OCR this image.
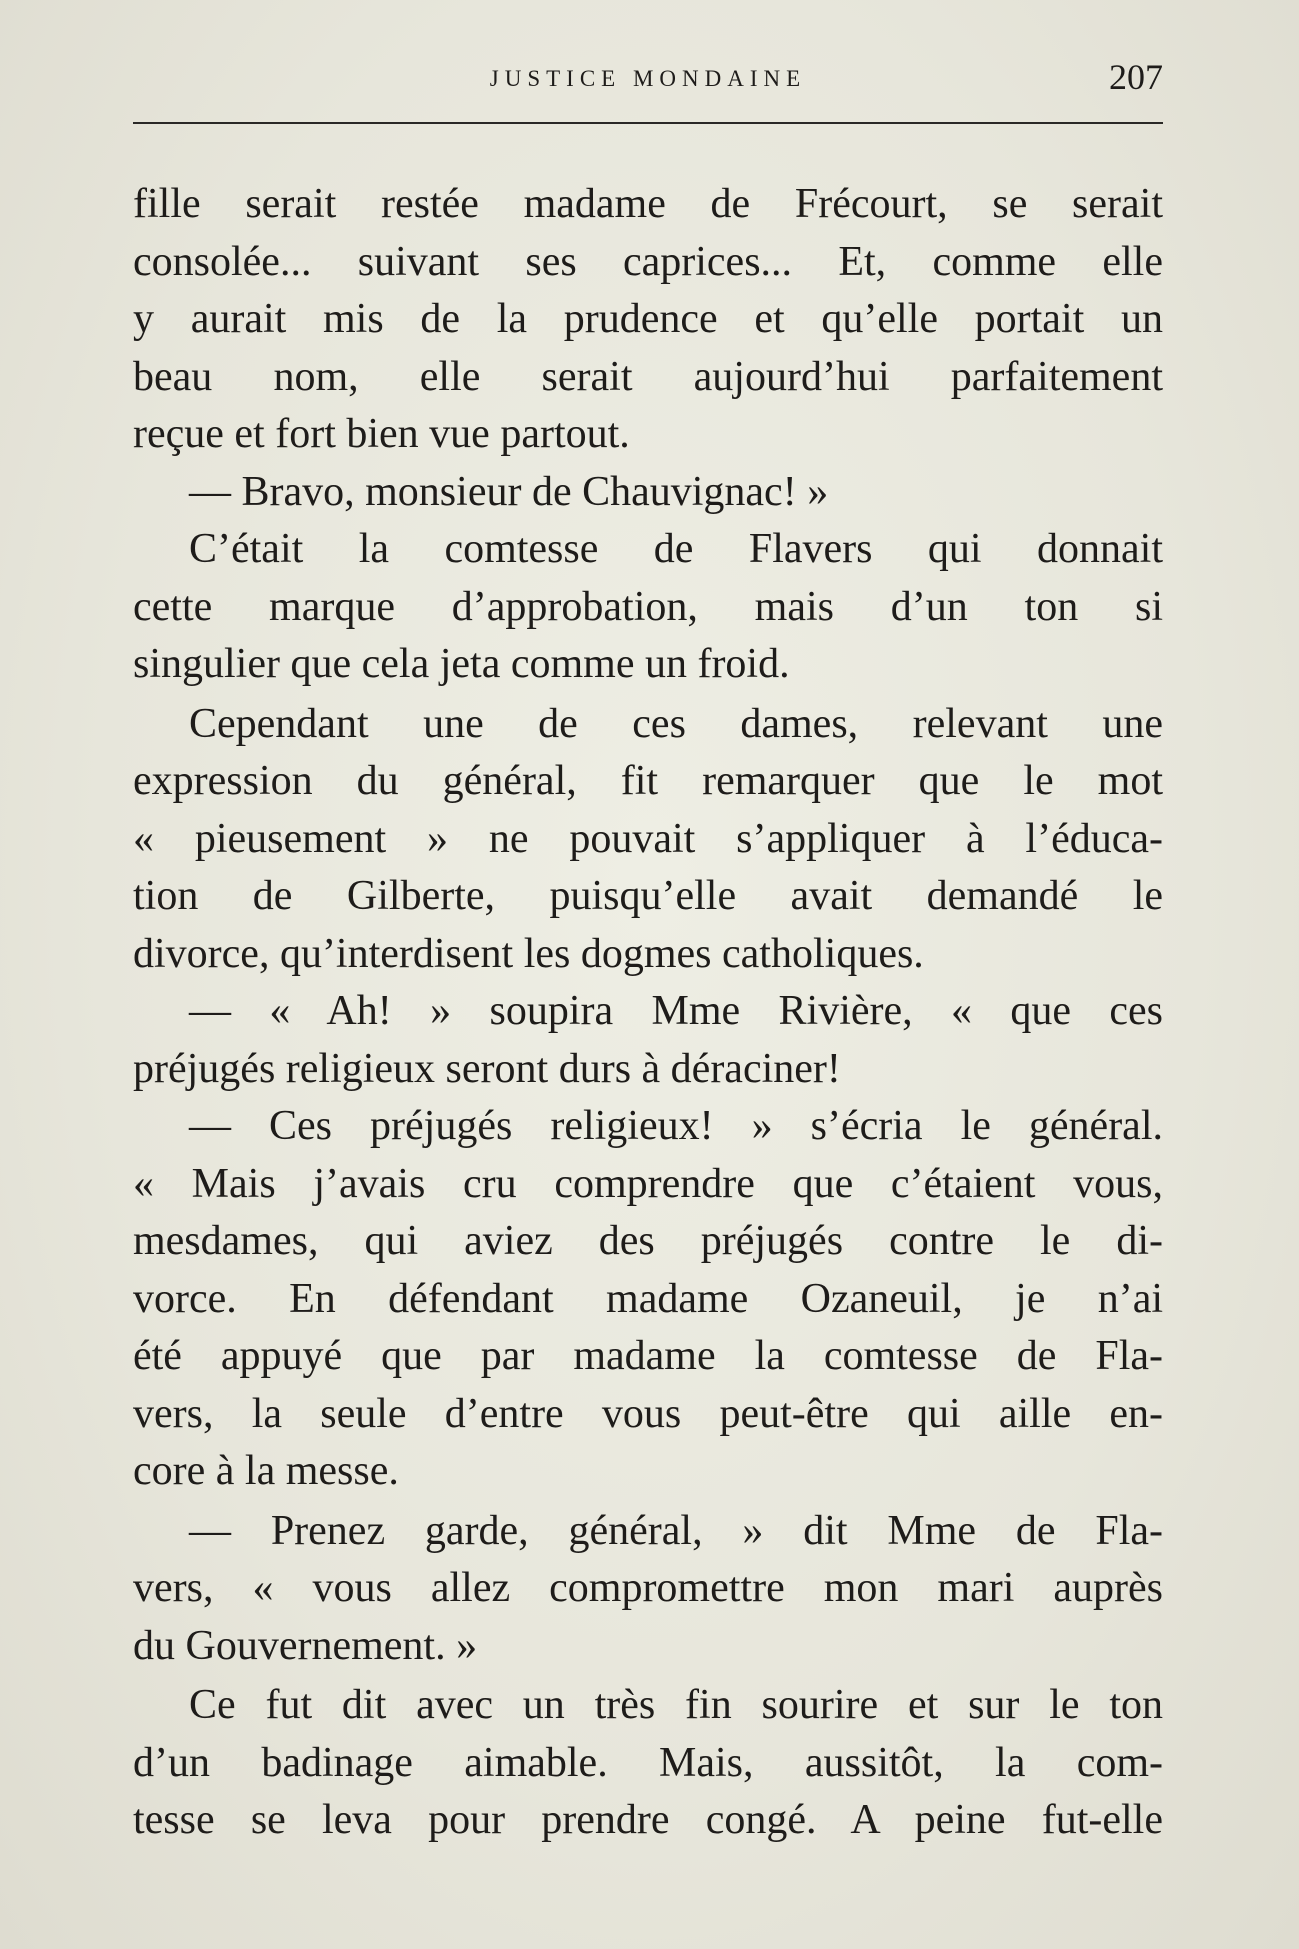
JUSTICE MONDAINE	207
fille serait restée madame de Frécourt, se serait
consolée... suivant ses caprices... Et, comme elle
y aurait mis de la prudence et qu’elle portait un
beau nom, elle serait aujourd’hui parfaitement
reçue et fort bien vue partout.
— Bravo, monsieur de Chauvignac! »
C’était la comtesse de Flavers qui donnait
cette marque d’approbation, mais d’un ton si
singulier que cela jeta comme un froid.
Cependant une de ces dames, relevant une
expression du général, fit remarquer que le mot
« pieusement » ne pouvait s’appliquer à l’éduca-
tion de Gilberte, puisqu’elle avait demandé le
divorce, qu’interdisent les dogmes catholiques.
— « Ah! » soupira Mme Rivière, « que ces
préjugés religieux seront durs à déraciner!
— Ces préjugés religieux! » s’écria le général.
« Mais j’avais cru comprendre que c’étaient vous,
mesdames, qui aviez des préjugés contre le di-
vorce. En défendant madame Ozaneuil, je n’ai
été appuyé que par madame la comtesse de Fla-
vers, la seule d’entre vous peut-être qui aille en-
core à la messe.
— Prenez garde, général, » dit Mme de Fla-
vers, « vous allez compromettre mon mari auprès
du Gouvernement. »
Ce fut dit avec un très fin sourire et sur le ton
d’un badinage aimable. Mais, aussitôt, la com-
tesse se leva pour prendre congé. A peine fut-elle
